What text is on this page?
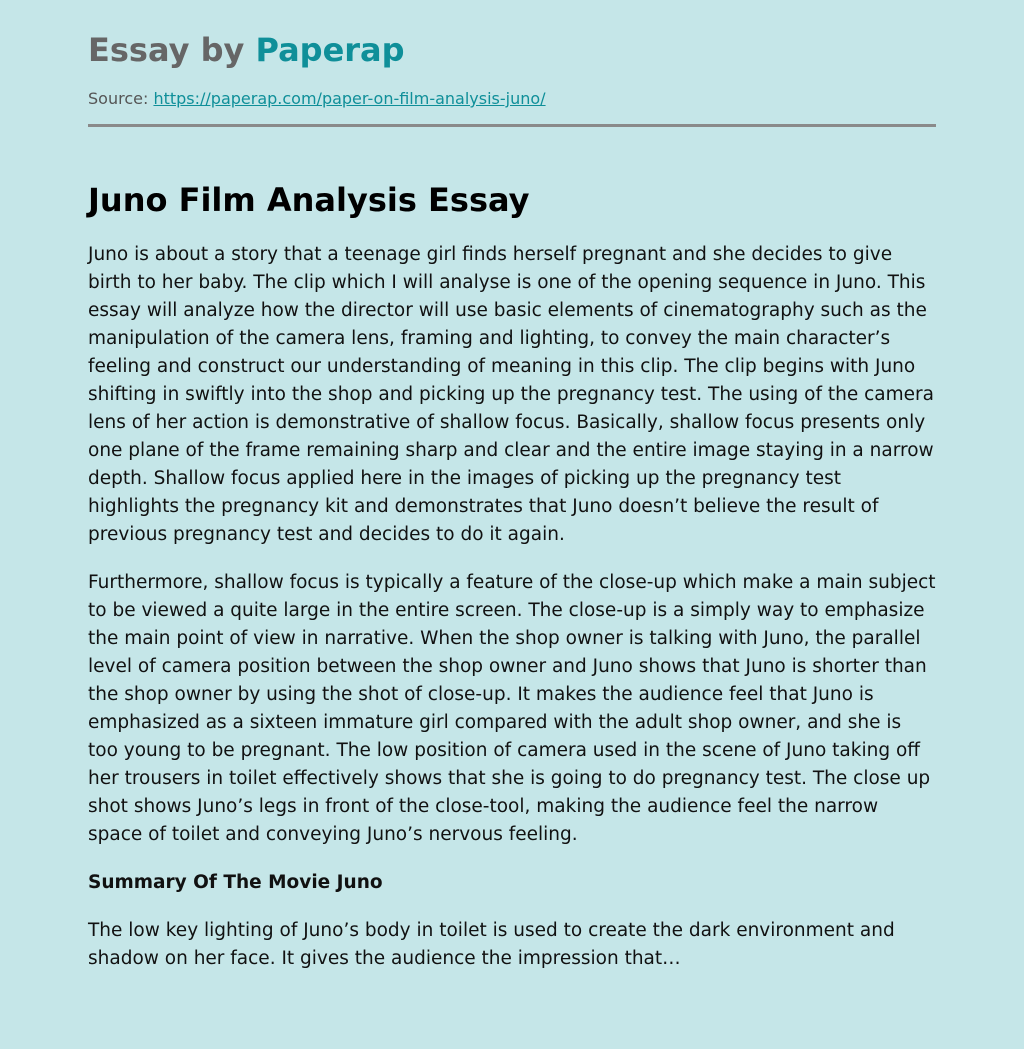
Essay by Paperap
Source: https://paperap.com/paper-on-film-analysis-juno/
Juno Film Analysis Essay

Juno is about a story that a teenage girl finds herself pregnant and she decides to give birth to her baby. The clip which I will analyse is one of the opening sequence in Juno. This essay will analyze how the director will use basic elements of cinematography such as the manipulation of the camera lens, framing and lighting, to convey the main character’s feeling and construct our understanding of meaning in this clip. The clip begins with Juno shifting in swiftly into the shop and picking up the pregnancy test. The using of the camera lens of her action is demonstrative of shallow focus. Basically, shallow focus presents only one plane of the frame remaining sharp and clear and the entire image staying in a narrow depth. Shallow focus applied here in the images of picking up the pregnancy test highlights the pregnancy kit and demonstrates that Juno doesn’t believe the result of previous pregnancy test and decides to do it again.

Furthermore, shallow focus is typically a feature of the close-up which make a main subject to be viewed a quite large in the entire screen. The close-up is a simply way to emphasize the main point of view in narrative. When the shop owner is talking with Juno, the parallel level of camera position between the shop owner and Juno shows that Juno is shorter than the shop owner by using the shot of close-up. It makes the audience feel that Juno is emphasized as a sixteen immature girl compared with the adult shop owner, and she is too young to be pregnant. The low position of camera used in the scene of Juno taking off her trousers in toilet effectively shows that she is going to do pregnancy test. The close up shot shows Juno’s legs in front of the close-tool, making the audience feel the narrow space of toilet and conveying Juno’s nervous feeling.

Summary Of The Movie Juno

The low key lighting of Juno’s body in toilet is used to create the dark environment and shadow on her face. It gives the audience the impression that…
